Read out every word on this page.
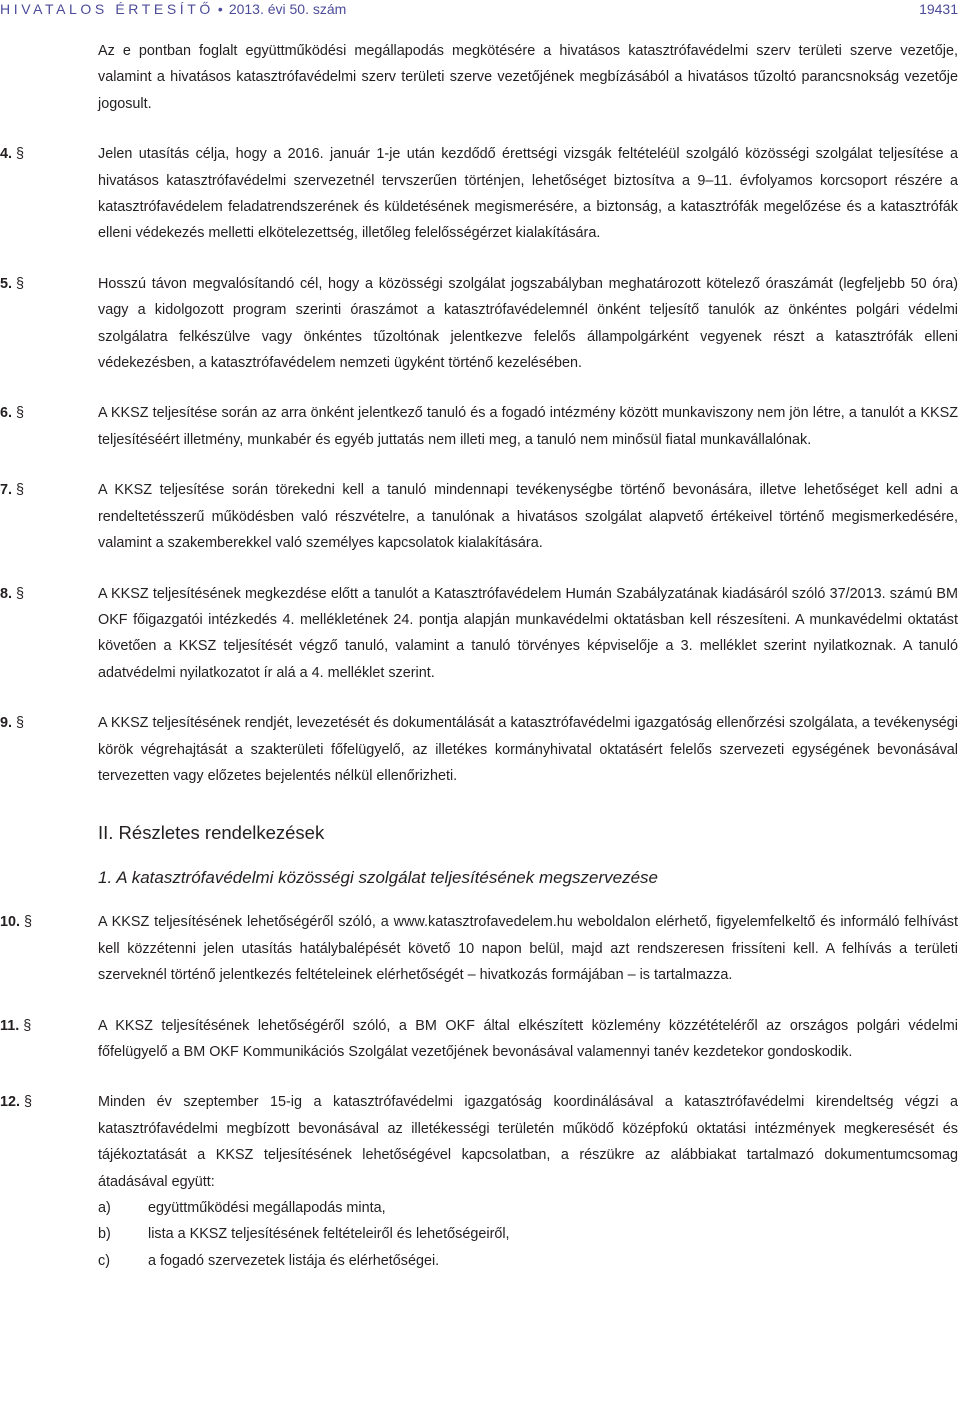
HIVATALOS ÉRTESÍTŐ • 2013. évi 50. szám	19431

Az e pontban foglalt együttműködési megállapodás megkötésére a hivatásos katasztrófavédelmi szerv területi szerve vezetője, valamint a hivatásos katasztrófavédelmi szerv területi szerve vezetőjének megbízásából a hivatásos tűzoltó parancsnokság vezetője jogosult.

4. §	Jelen utasítás célja, hogy a 2016. január 1-je után kezdődő érettségi vizsgák feltételéül szolgáló közösségi szolgálat teljesítése a hivatásos katasztrófavédelmi szervezetnél tervszerűen történjen, lehetőséget biztosítva a 9–11. évfolyamos korcsoport részére a katasztrófavédelem feladatrendszerének és küldetésének megismerésére, a biztonság, a katasztrófák megelőzése és a katasztrófák elleni védekezés melletti elkötelezettség, illetőleg felelősségérzet kialakítására.
5. §	Hosszú távon megvalósítandó cél, hogy a közösségi szolgálat jogszabályban meghatározott kötelező óraszámát (legfeljebb 50 óra) vagy a kidolgozott program szerinti óraszámot a katasztrófavédelemnél önként teljesítő tanulók az önkéntes polgári védelmi szolgálatra felkészülve vagy önkéntes tűzoltónak jelentkezve felelős állampolgárként vegyenek részt a katasztrófák elleni védekezésben, a katasztrófavédelem nemzeti ügyként történő kezelésében.
6. §	A KKSZ teljesítése során az arra önként jelentkező tanuló és a fogadó intézmény között munkaviszony nem jön létre, a tanulót a KKSZ teljesítéséért illetmény, munkabér és egyéb juttatás nem illeti meg, a tanuló nem minősül fiatal munkavállalónak.
7. §	A KKSZ teljesítése során törekedni kell a tanuló mindennapi tevékenységbe történő bevonására, illetve lehetőséget kell adni a rendeltetésszerű működésben való részvételre, a tanulónak a hivatásos szolgálat alapvető értékeivel történő megismerkedésére, valamint a szakemberekkel való személyes kapcsolatok kialakítására.
8. §	A KKSZ teljesítésének megkezdése előtt a tanulót a Katasztrófavédelem Humán Szabályzatának kiadásáról szóló 37/2013. számú BM OKF főigazgatói intézkedés 4. mellékletének 24. pontja alapján munkavédelmi oktatásban kell részesíteni. A munkavédelmi oktatást követően a KKSZ teljesítését végző tanuló, valamint a tanuló törvényes képviselője a 3. melléklet szerint nyilatkoznak. A tanuló adatvédelmi nyilatkozatot ír alá a 4. melléklet szerint.
9. §	A KKSZ teljesítésének rendjét, levezetését és dokumentálását a katasztrófavédelmi igazgatóság ellenőrzési szolgálata, a tevékenységi körök végrehajtását a szakterületi főfelügyelő, az illetékes kormányhivatal oktatásért felelős szervezeti egységének bevonásával tervezetten vagy előzetes bejelentés nélkül ellenőrizheti.
II. Részletes rendelkezések
1. A katasztrófavédelmi közösségi szolgálat teljesítésének megszervezése
10. §	A KKSZ teljesítésének lehetőségéről szóló, a www.katasztrofavedelem.hu weboldalon elérhető, figyelemfelkeltő és informáló felhívást kell közzétenni jelen utasítás hatálybalépését követő 10 napon belül, majd azt rendszeresen frissíteni kell. A felhívás a területi szerveknél történő jelentkezés feltételeinek elérhetőségét – hivatkozás formájában – is tartalmazza.
11. §	A KKSZ teljesítésének lehetőségéről szóló, a BM OKF által elkészített közlemény közzétételéről az országos polgári védelmi főfelügyelő a BM OKF Kommunikációs Szolgálat vezetőjének bevonásával valamennyi tanév kezdetekor gondoskodik.
12. §	Minden év szeptember 15-ig a katasztrófavédelmi igazgatóság koordinálásával a katasztrófavédelmi kirendeltség végzi a katasztrófavédelmi megbízott bevonásával az illetékességi területén működő középfokú oktatási intézmények megkeresését és tájékoztatását a KKSZ teljesítésének lehetőségével kapcsolatban, a részükre az alábbiakat tartalmazó dokumentumcsomag átadásával együtt:
a)	együttműködési megállapodás minta,
b)	lista a KKSZ teljesítésének feltételeiről és lehetőségeiről,
c)	a fogadó szervezetek listája és elérhetőségei.
